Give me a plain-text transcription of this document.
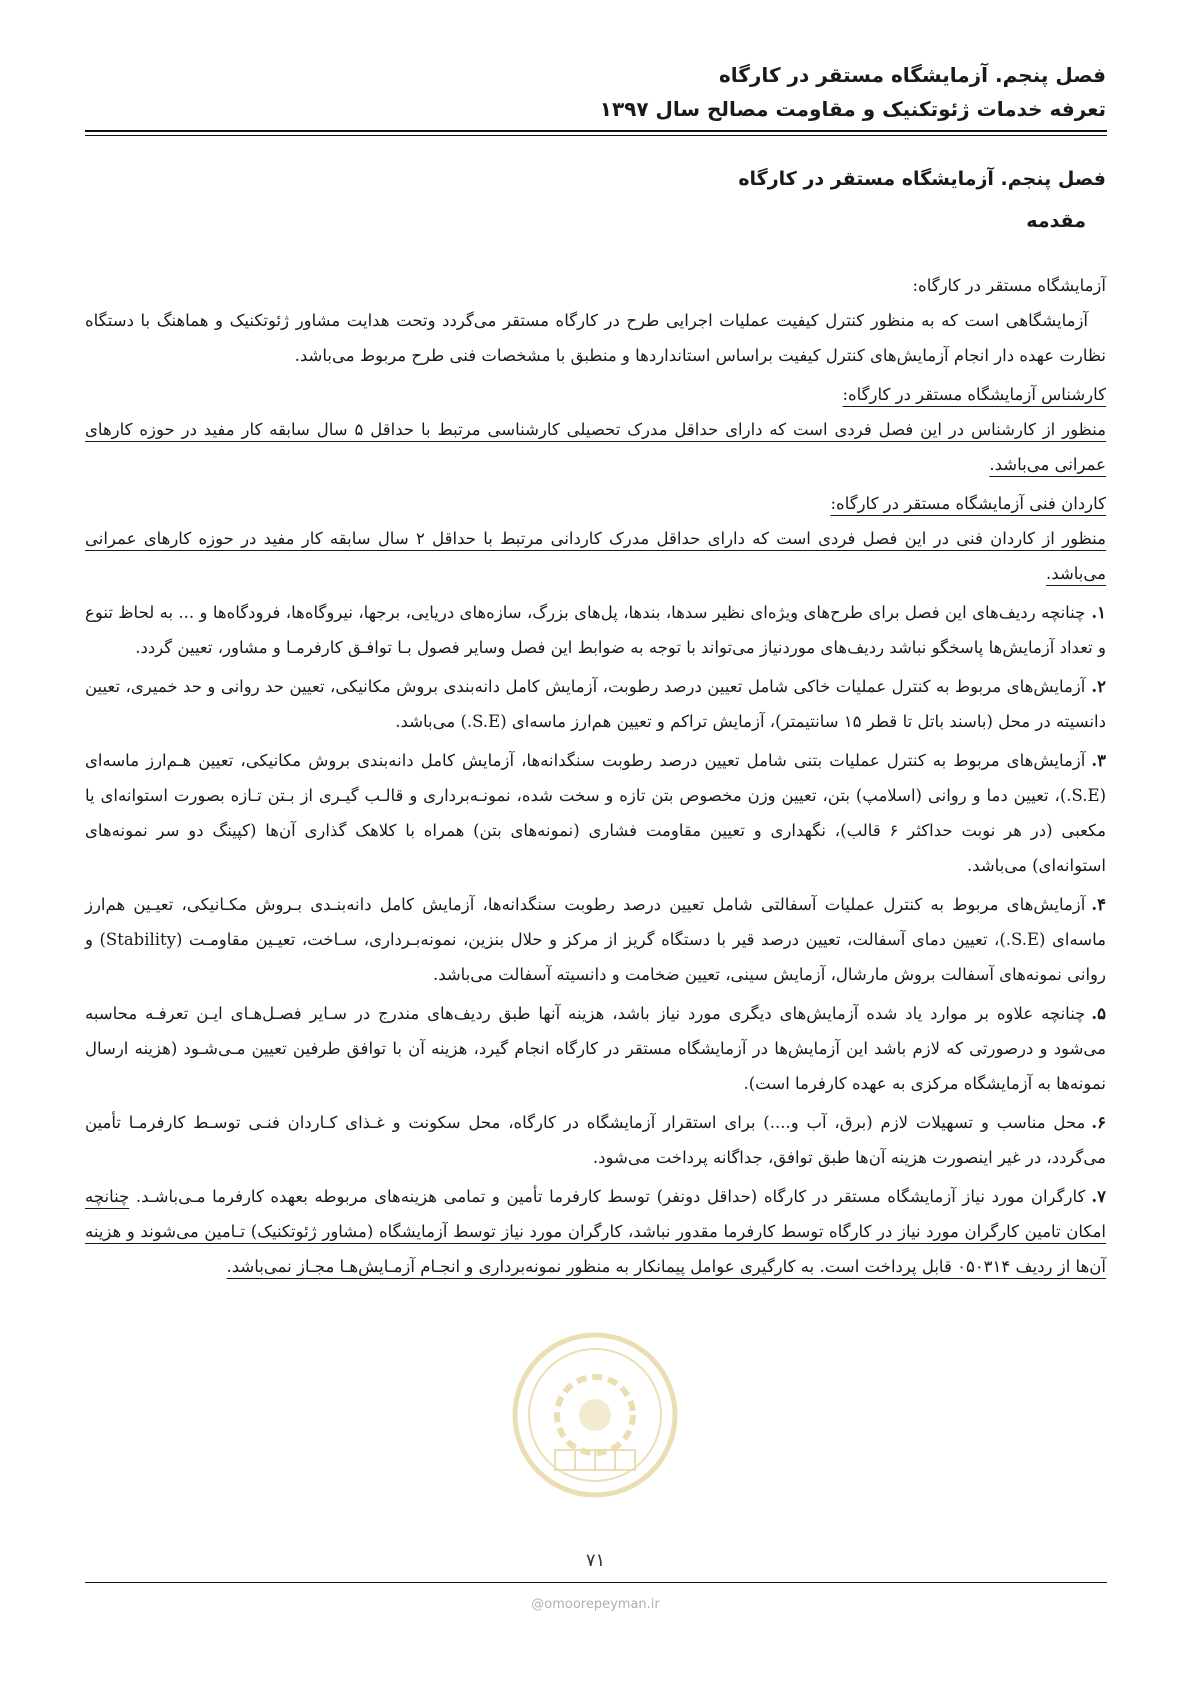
فصل پنجم. آزمایشگاه مستقر در کارگاه
تعرفه خدمات ژئوتکنیک و مقاومت مصالح سال ۱۳۹۷
فصل پنجم. آزمایشگاه مستقر در کارگاه
مقدمه

آزمایشگاه مستقر در کارگاه:

آزمایشگاهی است که به منظور کنترل کیفیت عملیات اجرایی طرح در کارگاه مستقر می‌گردد وتحت هدایت مشاور ژئوتکنیک و هماهنگ با دستگاه نظارت عهده دار انجام آزمایش‌های کنترل کیفیت براساس استانداردها و منطبق با مشخصات فنی طرح مربوط می‌باشد.

کارشناس آزمایشگاه مستقر در کارگاه:

منظور از کارشناس در این فصل فردی است که دارای حداقل مدرک تحصیلی کارشناسی مرتبط با حداقل ۵ سال سابقه کار مفید در حوزه کارهای عمرانی می‌باشد.

کاردان فنی آزمایشگاه مستقر در کارگاه:

منظور از کاردان فنی در این فصل فردی است که دارای حداقل مدرک کاردانی مرتبط با حداقل ۲ سال سابقه کار مفید در حوزه کارهای عمرانی می‌باشد.

۱.چنانچه ردیف‌های این فصل برای طرح‌های ویژه‌ای نظیر سدها، بندها، پل‌های بزرگ، سازه‌های دریایی، برجها، نیروگاه‌ها، فرودگاه‌ها و ... به لحاظ تنوع و تعداد آزمایش‌ها پاسخگو نباشد ردیف‌های موردنیاز می‌تواند با توجه به ضوابط این فصل وسایر فصول بـا توافـق کارفرمـا و مشاور، تعیین گردد.

۲.آزمایش‌های مربوط به کنترل عملیات خاکی شامل تعیین درصد رطوبت، آزمایش کامل دانه‌بندی بروش مکانیکی، تعیین حد روانی و حد خمیری، تعیین دانسیته در محل (باسند باتل تا قطر ۱۵ سانتیمتر)، آزمایش تراکم و تعیین هم‌ارز ماسه‌ای (S.E.) می‌باشد.

۳.آزمایش‌های مربوط به کنترل عملیات بتنی شامل تعیین درصد رطوبت سنگدانه‌ها، آزمایش کامل دانه‌بندی بروش مکانیکی، تعیین هـم‌ارز ماسه‌ای (S.E.)، تعیین دما و روانی (اسلامپ) بتن، تعیین وزن مخصوص بتن تازه و سخت شده، نمونـه‌برداری و قالـب گیـری از بـتن تـازه بصورت استوانه‌ای یا مکعبی (در هر نوبت حداکثر ۶ قالب)، نگهداری و تعیین مقاومت فشاری (نمونه‌های بتن) همراه با کلاهک گذاری آن‌ها (کپینگ دو سر نمونه‌های استوانه‌ای) می‌باشد.

۴.آزمایش‌های مربوط به کنترل عملیات آسفالتی شامل تعیین درصد رطوبت سنگدانه‌ها، آزمایش کامل دانه‌بنـدی بـروش مکـانیکی، تعیـین هم‌ارز ماسه‌ای (S.E.)، تعیین دمای آسفالت، تعیین درصد قیر با دستگاه گریز از مرکز و حلال بنزین، نمونه‌بـرداری، سـاخت، تعیـین مقاومـت (Stability) و روانی نمونه‌های آسفالت بروش مارشال، آزمایش سینی، تعیین ضخامت و دانسیته آسفالت می‌باشد.

۵.چنانچه علاوه بر موارد یاد شده آزمایش‌های دیگری مورد نیاز باشد، هزینه آنها طبق ردیف‌های مندرج در سـایر فصـل‌هـای ایـن تعرفـه محاسبه می‌شود و درصورتی که لازم باشد این آزمایش‌ها در آزمایشگاه مستقر در کارگاه انجام گیرد، هزینه آن با توافق طرفین تعیین مـی‌شـود (هزینه ارسال نمونه‌ها به آزمایشگاه مرکزی به عهده کارفرما است).

۶.محل مناسب و تسهیلات لازم (برق، آب و....) برای استقرار آزمایشگاه در کارگاه، محل سکونت و غـذای کـاردان فنـی توسـط کارفرمـا تأمین می‌گردد، در غیر اینصورت هزینه آن‌ها طبق توافق، جداگانه پرداخت می‌شود.

۷.کارگران مورد نیاز آزمایشگاه مستقر در کارگاه (حداقل دونفر) توسط کارفرما تأمین و تمامی هزینه‌های مربوطه بعهده کارفرما مـی‌باشـد. چنانچه امکان تامین کارگران مورد نیاز در کارگاه توسط کارفرما مقدور نباشد، کارگران مورد نیاز توسط آزمایشگاه (مشاور ژئوتکنیک) تـامین می‌شوند و هزینه آن‌ها از ردیف ۰۵۰۳۱۴ قابل پرداخت است. به کارگیری عوامل پیمانکار به منظور نمونه‌برداری و انجـام آزمـایش‌هـا مجـاز نمی‌باشد.

۷۱
@omoorepeyman.ir
